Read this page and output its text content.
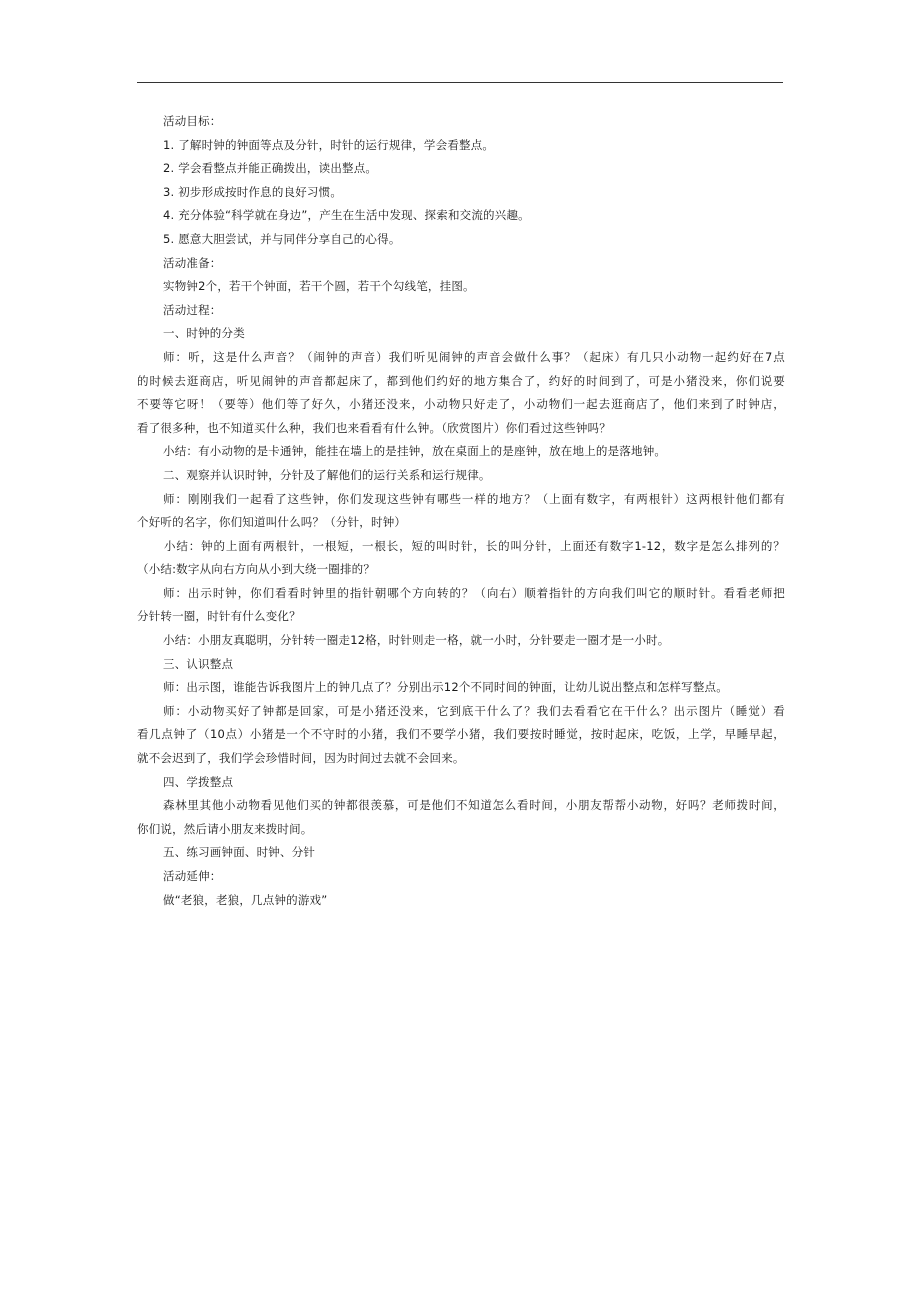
活动目标：

1. 了解时钟的钟面等点及分针，时针的运行规律，学会看整点。

2. 学会看整点并能正确拨出，读出整点。

3. 初步形成按时作息的良好习惯。

4. 充分体验“科学就在身边”，产生在生活中发现、探索和交流的兴趣。

5. 愿意大胆尝试，并与同伴分享自己的心得。

活动准备：

实物钟2个，若干个钟面，若干个圆，若干个勾线笔，挂图。

活动过程：

一、时钟的分类

师：听，这是什么声音？（闹钟的声音）我们听见闹钟的声音会做什么事？（起床）有几只小动物一起约好在7点

的时候去逛商店，听见闹钟的声音都起床了，都到他们约好的地方集合了，约好的时间到了，可是小猪没来，你们说要

不要等它呀！（要等）他们等了好久，小猪还没来，小动物只好走了，小动物们一起去逛商店了，他们来到了时钟店，

看了很多种，也不知道买什么种，我们也来看看有什么钟。（欣赏图片）你们看过这些钟吗？

小结：有小动物的是卡通钟，能挂在墙上的是挂钟，放在桌面上的是座钟，放在地上的是落地钟。

二、观察并认识时钟，分针及了解他们的运行关系和运行规律。

师：刚刚我们一起看了这些钟，你们发现这些钟有哪些一样的地方？（上面有数字，有两根针）这两根针他们都有

个好听的名字，你们知道叫什么吗？（分针，时钟）

小结：钟的上面有两根针，一根短，一根长，短的叫时针，长的叫分针，上面还有数字1-12，数字是怎么排列的？

（小结:数字从向右方向从小到大绕一圈排的？

师：出示时钟，你们看看时钟里的指针朝哪个方向转的？（向右）顺着指针的方向我们叫它的顺时针。看看老师把

分针转一圈，时针有什么变化？

小结：小朋友真聪明，分针转一圈走12格，时针则走一格，就一小时，分针要走一圈才是一小时。

三、认识整点

师：出示图，谁能告诉我图片上的钟几点了？分别出示12个不同时间的钟面，让幼儿说出整点和怎样写整点。

师：小动物买好了钟都是回家，可是小猪还没来，它到底干什么了？我们去看看它在干什么？出示图片（睡觉）看

看几点钟了（10点）小猪是一个不守时的小猪，我们不要学小猪，我们要按时睡觉，按时起床，吃饭，上学，早睡早起，

就不会迟到了，我们学会珍惜时间，因为时间过去就不会回来。

四、学拨整点

森林里其他小动物看见他们买的钟都很羡慕，可是他们不知道怎么看时间，小朋友帮帮小动物，好吗？老师拨时间，

你们说，然后请小朋友来拨时间。

五、练习画钟面、时钟、分针

活动延伸：

做“老狼，老狼，几点钟的游戏”
